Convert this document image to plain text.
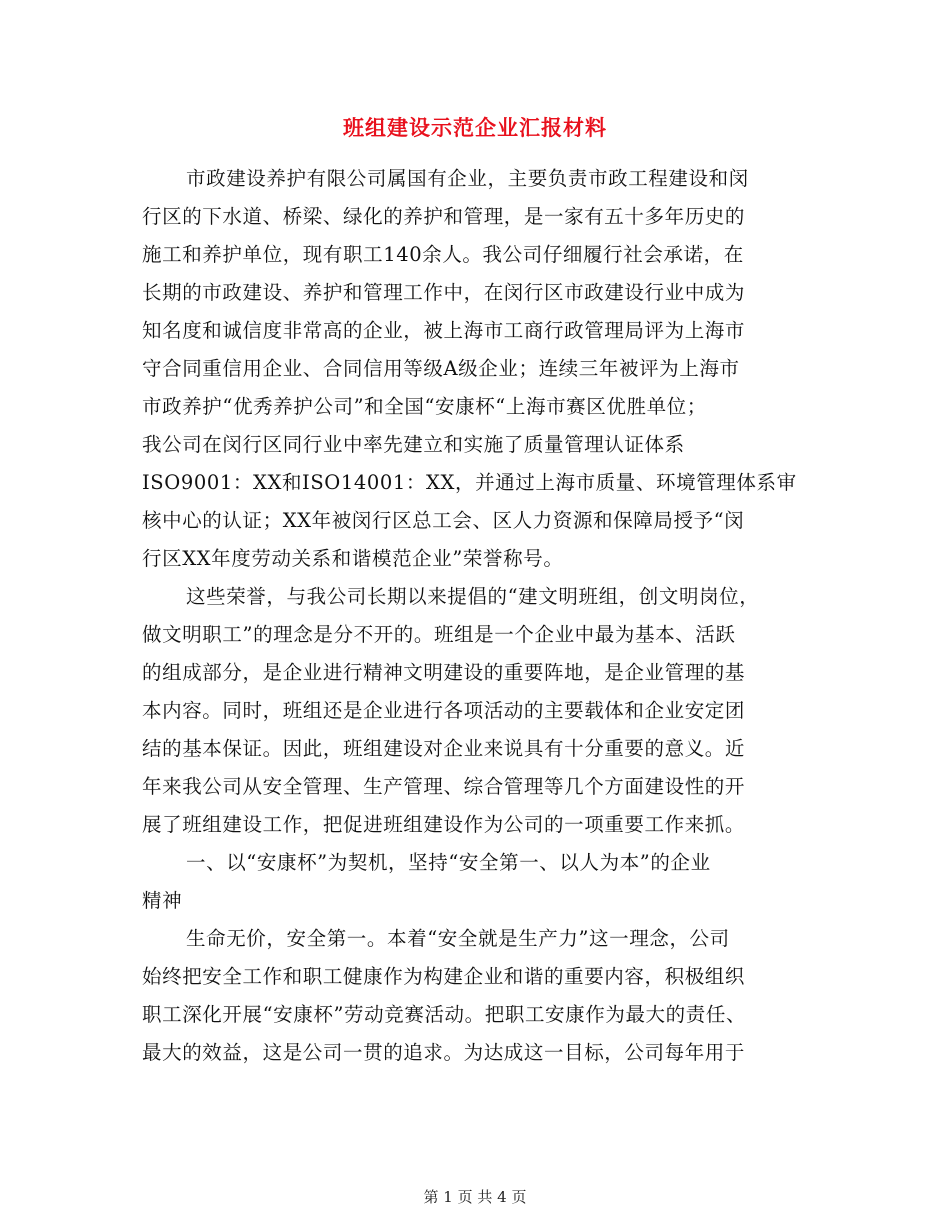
班组建设示范企业汇报材料
市政建设养护有限公司属国有企业，主要负责市政工程建设和闵
行区的下水道、桥梁、绿化的养护和管理，是一家有五十多年历史的
施工和养护单位，现有职工140余人。我公司仔细履行社会承诺，在
长期的市政建设、养护和管理工作中，在闵行区市政建设行业中成为
知名度和诚信度非常高的企业，被上海市工商行政管理局评为上海市
守合同重信用企业、合同信用等级A级企业；连续三年被评为上海市
市政养护“优秀养护公司”和全国“安康杯“上海市赛区优胜单位；
我公司在闵行区同行业中率先建立和实施了质量管理认证体系
ISO9001：XX和ISO14001：XX，并通过上海市质量、环境管理体系审
核中心的认证；XX年被闵行区总工会、区人力资源和保障局授予“闵
行区XX年度劳动关系和谐模范企业”荣誉称号。
这些荣誉，与我公司长期以来提倡的“建文明班组，创文明岗位，
做文明职工”的理念是分不开的。班组是一个企业中最为基本、活跃
的组成部分，是企业进行精神文明建设的重要阵地，是企业管理的基
本内容。同时，班组还是企业进行各项活动的主要载体和企业安定团
结的基本保证。因此，班组建设对企业来说具有十分重要的意义。近
年来我公司从安全管理、生产管理、综合管理等几个方面建设性的开
展了班组建设工作，把促进班组建设作为公司的一项重要工作来抓。
一、以“安康杯”为契机，坚持“安全第一、以人为本”的企业
精神
生命无价，安全第一。本着“安全就是生产力”这一理念，公司
始终把安全工作和职工健康作为构建企业和谐的重要内容，积极组织
职工深化开展“安康杯”劳动竞赛活动。把职工安康作为最大的责任、
最大的效益，这是公司一贯的追求。为达成这一目标，公司每年用于
第 1 页 共 4 页
